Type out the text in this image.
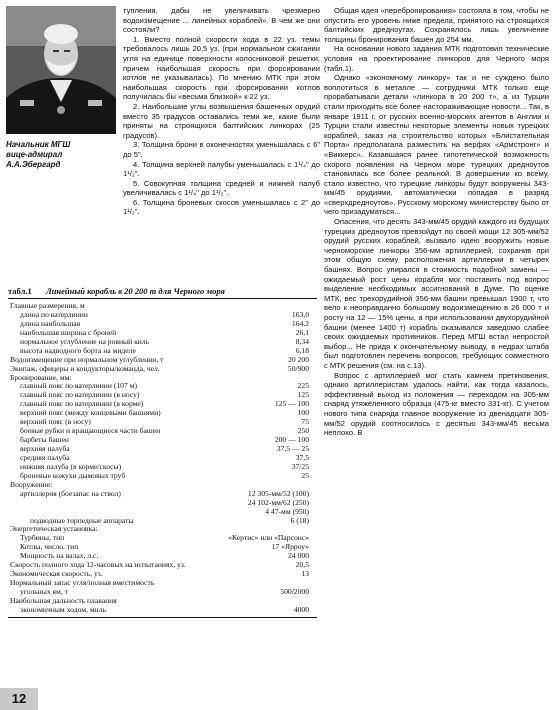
Начальник МГШ
вице-адмирал
А.А.Эбергард

тупления, дабы не увеличивать чрезмерно водоизмещение ... линейных кораблей». В чем же они состояли?

1. Вместо полной скорости хода в 22 уз. темы требовалось лишь 20,5 уз. (при нормальном сжигании угля на единице поверхности колосниковой решетки, причем наибольшая скорость при форсировании котлов не указывалась). По мнению МТК при этом наибольшая скорость при форсировании котлов получилась бы «весьма близкой» к 22 уз.

2. Наибольшие углы возвышения башенных орудий вместо 35 градусов оставались теми же, какие были приняты на строящихся балтийских линкорах (25 градусов).

3. Толщина брони в оконечностях уменьшалась с 6" до 5".

4. Толщина верхней палубы уменьшалась с 1¹/₄" до 1¹/₂".

5. Совокупная толщина средней и нижней палуб увеличивалась с 1¹/₄" до 1¹/₂".

6. Толщина броневых скосов уменьшалась с 2" до 1¹/₂".

Общая идея «перебронирования» состояла в том, чтобы не опустить его уровень ниже предела, принятого на строящихся балтийских дредноутах. Сохранялось лишь увеличение толщины бронирования башен до 254 мм.

На основании нового задания МТК подготовил технические условия на проектирование линкоров для Черного моря (табл.1).

Однако «экономному линкору» так и не суждено было воплотиться в металле — сотрудники МТК только еще прорабатывали детали «линкора в 20 200 т», а из Турции стали приходить все более настораживающие новости... Так, в январе 1911 г. от русских военно-морских агентов в Англии и Турции стали известны некоторые элементы новых турецких кораблей, заказ на строительство которых «Блистательная Порта» предполагала разместить на верфях «Армстронг» и «Виккерс». Казавшаяся ранее гипотетической возможность скорого появления на Черном море турецких дредноутов становилась все более реальной. В довершении ко всему, стало известно, что турецкие линкоры будут вооружены 343-мм/45 орудиями, автоматически попадая в разряд «сверхдредноутов». Русскому морскому министерству было от чего призадуматься...

Опасения, что десять 343-мм/45 орудий каждого из будущих турецких дредноутов превзойдут по своей мощи 12 305-мм/52 орудий русских кораблей, вызвало идею вооружить новые черноморские линкоры 356-мм артиллерией, сохранив при этом общую схему расположения артиллерии в четырех башнях. Вопрос упирался в стоимость подобной замены — ожидаемый рост цены корабля мог поставить под вопрос выделение необходимых ассигнований в Думе. По оценке МТК, вес трехорудийной 356-мм башни превышал 1900 т, что вело к неоправданно большому водоизмещению в 26 000 т и росту на 12 — 15% цены, а при использовании двухорудийной башни (менее 1400 т) корабль оказывался заведомо слабее своих ожидаемых противников. Перед МГШ встал непростой выбор... Не придя к окончательному выводу, в недрах штаба был подготовлен перечень вопросов, требующих совместного с МТК решения (см. на с.13).

Вопрос с артиллерией мог стать камнем преткновения, однако артиллеристам удалось найти, как тогда казалось, эффективный выход из положения — переходом на 305-мм снаряд утяжеленного образца (475-кг вместо 331-кг). С учетом нового типа снаряда главное вооружение из двенадцати 305-мм/52 орудий соотносилось с десятью 343-мм/45 весьма неплохо. В

табл.1 Линейный корабль в 20 200 т для Черного моря
Главные размерения, м
длина по ватерлинии	163,0
длина наибольшая	164,2
наибольшая ширина с броней	26,1
нормальное углубление на ровный киль	8,34
высота надводного борта на миделе	6,18
Водоизмещение при нормальном углублении, т	20 200
Экипаж, офицеры и кондукторы/команда, чел.	50/900
Бронирование, мм:
главный пояс по ватерлинии (107 м)	225
главный пояс по ватерлинии (в носу)	125
главный пояс по ватерлинии (в корме)	125 — 100
верхний пояс (между концевыми башнями)	100
верхний пояс (в носу)	75
боевые рубки и вращающиеся части башен	250
барбеты башен	200 — 100
верхняя палуба	37,5 — 25
средняя палуба	37,5
нижняя палуба (в корме/скосы)	37/25
броневые кожухи дымовых труб	25
Вооружение:
артиллерия (боезапас на ствол)	12 305-мм/52 (100)
24 102-мм/62 (250)
4 47-мм (950)
подводные торпедные аппараты	6 (18)
Энергетическая установка:
Турбины, тип	«Кертис» или «Парсонс»
Котлы, число, тип	17 «Ярроу»
Мощность на валах, л.с.	24 000
Скорость полного хода 12-часовых на испытаниях, уз.	20,5
Экономическая скорость, уз.	13
Нормальный запас угля/полная вместимость
угольных ям, т	500/2000
Наибольшая дальность плавания
экономичным ходом, миль	4000
12
